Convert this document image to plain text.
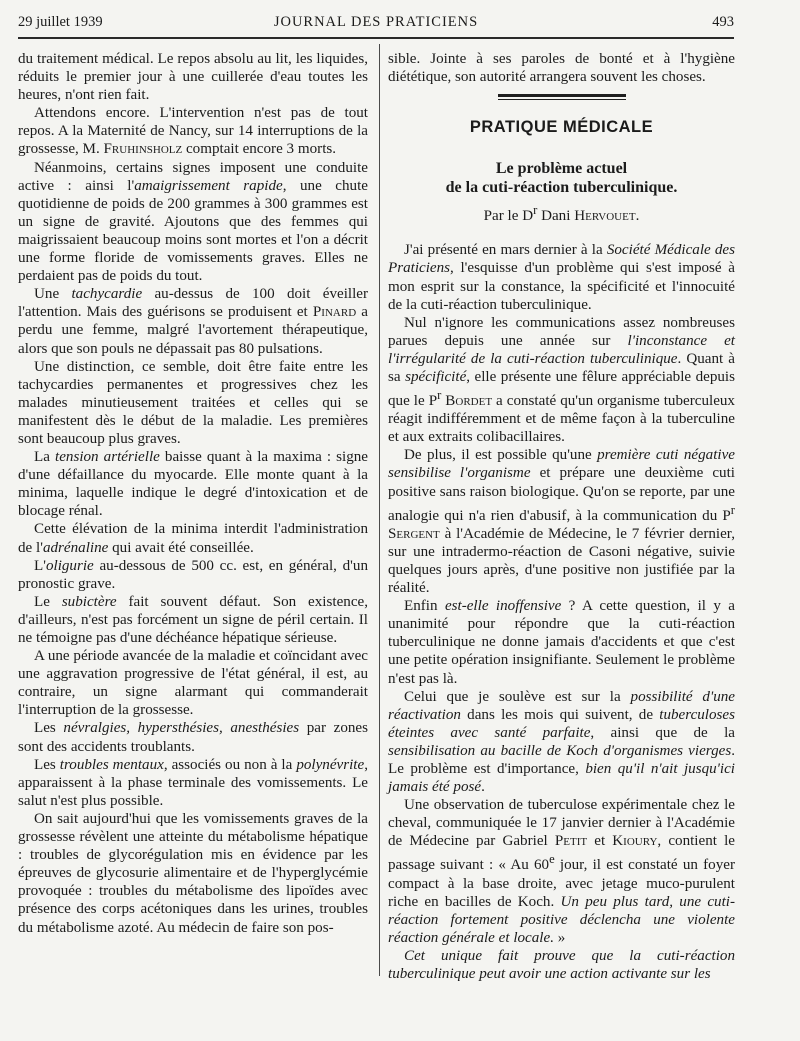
29 juillet 1939	JOURNAL DES PRATICIENS	493

du traitement médical. Le repos absolu au lit, les liquides, réduits le premier jour à une cuillerée d'eau toutes les heures, n'ont rien fait.

Attendons encore. L'intervention n'est pas de tout repos. A la Maternité de Nancy, sur 14 interruptions de la grossesse, M. Fruhinsholz comptait encore 3 morts.

Néanmoins, certains signes imposent une conduite active : ainsi l'amaigrissement rapide, une chute quotidienne de poids de 200 grammes à 300 grammes est un signe de gravité. Ajoutons que des femmes qui maigrissaient beaucoup moins sont mortes et l'on a décrit une forme floride de vomissements graves. Elles ne perdaient pas de poids du tout.

Une tachycardie au-dessus de 100 doit éveiller l'attention. Mais des guérisons se produisent et Pinard a perdu une femme, malgré l'avortement thérapeutique, alors que son pouls ne dépassait pas 80 pulsations.

Une distinction, ce semble, doit être faite entre les tachycardies permanentes et progressives chez les malades minutieusement traitées et celles qui se manifestent dès le début de la maladie. Les premières sont beaucoup plus graves.

La tension artérielle baisse quant à la maxima : signe d'une défaillance du myocarde. Elle monte quant à la minima, laquelle indique le degré d'intoxication et de blocage rénal.

Cette élévation de la minima interdit l'administration de l'adrénaline qui avait été conseillée.

L'oligurie au-dessous de 500 cc. est, en général, d'un pronostic grave.

Le subictère fait souvent défaut. Son existence, d'ailleurs, n'est pas forcément un signe de péril certain. Il ne témoigne pas d'une déchéance hépatique sérieuse.

A une période avancée de la maladie et coïncidant avec une aggravation progressive de l'état général, il est, au contraire, un signe alarmant qui commanderait l'interruption de la grossesse.

Les névralgies, hypersthésies, anesthésies par zones sont des accidents troublants.

Les troubles mentaux, associés ou non à la polynévrite, apparaissent à la phase terminale des vomissements. Le salut n'est plus possible.

On sait aujourd'hui que les vomissements graves de la grossesse révèlent une atteinte du métabolisme hépatique : troubles de glycorégulation mis en évidence par les épreuves de glycosurie alimentaire et de l'hyperglycémie provoquée : troubles du métabolisme des lipoïdes avec présence des corps acétoniques dans les urines, troubles du métabolisme azoté. Au médecin de faire son pos-

sible. Jointe à ses paroles de bonté et à l'hygiène diététique, son autorité arrangera souvent les choses.

PRATIQUE MÉDICALE
Le problème actuel
de la cuti-réaction tuberculinique.
Par le $D^r$ Dani Hervouet.

J'ai présenté en mars dernier à la Société Médicale des Praticiens, l'esquisse d'un problème qui s'est imposé à mon esprit sur la constance, la spécificité et l'innocuité de la cuti-réaction tuberculinique.

Nul n'ignore les communications assez nombreuses parues depuis une année sur l'inconstance et l'irrégularité de la cuti-réaction tuberculinique. Quant à sa spécificité, elle présente une fêlure appréciable depuis que le $P^r$ Bordet a constaté qu'un organisme tuberculeux réagit indifféremment et de même façon à la tuberculine et aux extraits colibacillaires.

De plus, il est possible qu'une première cuti négative sensibilise l'organisme et prépare une deuxième cuti positive sans raison biologique. Qu'on se reporte, par une analogie qui n'a rien d'abusif, à la communication du $P^r$ Sergent à l'Académie de Médecine, le 7 février dernier, sur une intradermo-réaction de Casoni négative, suivie quelques jours après, d'une positive non justifiée par la réalité.

Enfin est-elle inoffensive ? A cette question, il y a unanimité pour répondre que la cuti-réaction tuberculinique ne donne jamais d'accidents et que c'est une petite opération insignifiante. Seulement le problème n'est pas là.

Celui que je soulève est sur la possibilité d'une réactivation dans les mois qui suivent, de tuberculoses éteintes avec santé parfaite, ainsi que de la sensibilisation au bacille de Koch d'organismes vierges. Le problème est d'importance, bien qu'il n'ait jusqu'ici jamais été posé.

Une observation de tuberculose expérimentale chez le cheval, communiquée le 17 janvier dernier à l'Académie de Médecine par Gabriel Petit et Kioury, contient le passage suivant : « Au 60e jour, il est constaté un foyer compact à la base droite, avec jetage muco-purulent riche en bacilles de Koch. Un peu plus tard, une cuti-réaction fortement positive déclencha une violente réaction générale et locale. »

Cet unique fait prouve que la cuti-réaction tuberculinique peut avoir une action activante sur les
